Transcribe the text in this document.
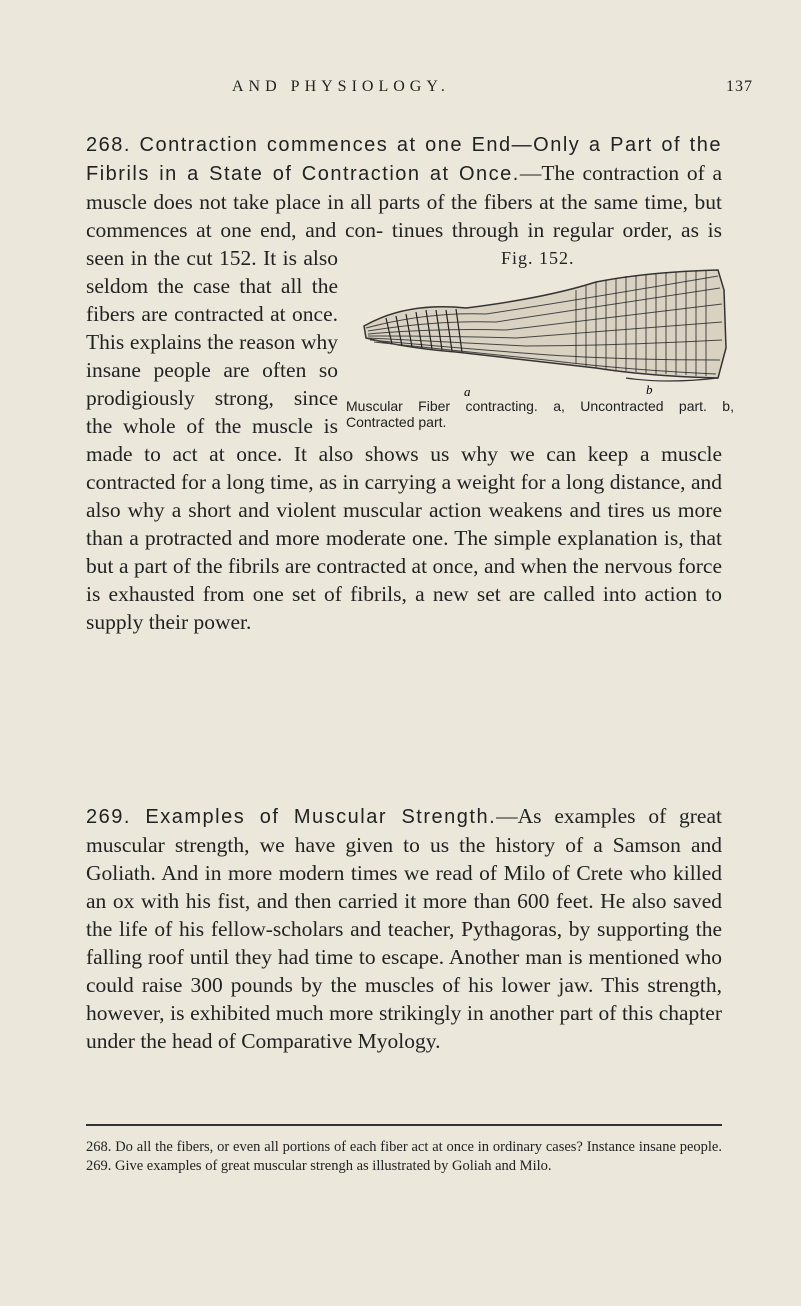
AND PHYSIOLOGY.	137
268. Contraction commences at one End—Only a Part of the Fibrils in a State of Contraction at Once.—The contraction of a muscle does not take place in all parts of the fibers at the same time, but commences at one end, and con-
Fig. 152.
a	b
Muscular Fiber contracting. a, Uncontracted part. b, Contracted part.
tinues through in regular order, as is seen in the cut 152. It is also seldom the case that all the fibers are contracted at once. This explains the reason why insane people are often so prodigiously strong, since the whole of the muscle is made to act at once. It also shows us why we can keep a muscle contracted for a long time, as in carrying a weight for a long distance, and also why a short and violent muscular action weakens and tires us more than a protracted and more moderate one. The simple explanation is, that but a part of the fibrils are contracted at once, and when the nervous force is exhausted from one set of fibrils, a new set are called into action to supply their power.
269. Examples of Muscular Strength.—As examples of great muscular strength, we have given to us the history of a Samson and Goliath. And in more modern times we read of Milo of Crete who killed an ox with his fist, and then carried it more than 600 feet. He also saved the life of his fellow-scholars and teacher, Pythagoras, by supporting the falling roof until they had time to escape. Another man is mentioned who could raise 300 pounds by the muscles of his lower jaw. This strength, however, is exhibited much more strikingly in another part of this chapter under the head of Comparative Myology.
268. Do all the fibers, or even all portions of each fiber act at once in ordinary cases? Instance insane people. 269. Give examples of great muscular strengh as illustrated by Goliah and Milo.
